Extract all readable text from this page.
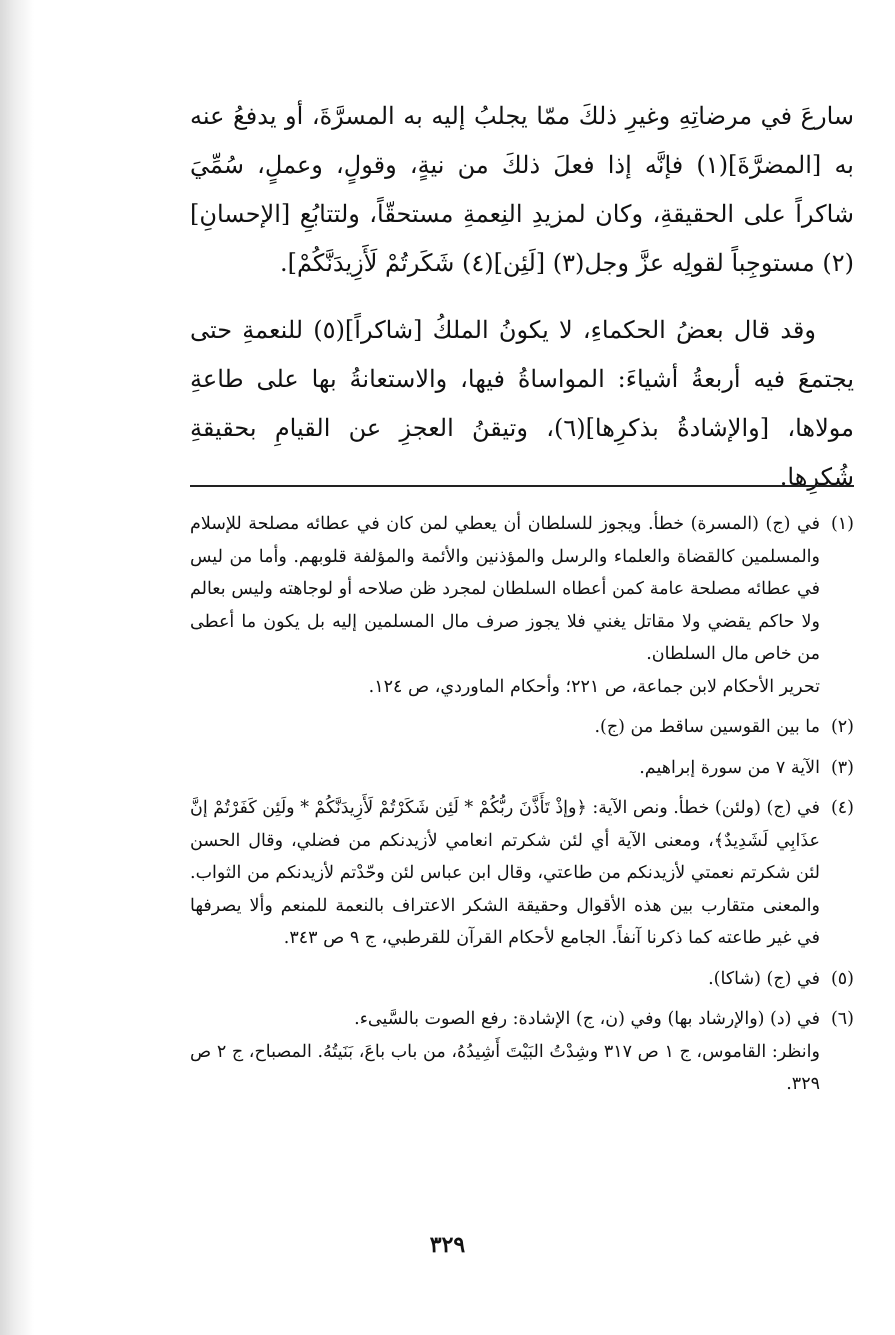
سارعَ في مرضاتِهِ وغيرِ ذلكَ ممّا يجلبُ إليه به المسرَّةَ، أو يدفعُ عنه به [المضرَّةَ](١) فإنَّه إذا فعلَ ذلكَ من نيةٍ، وقولٍ، وعملٍ، سُمِّيَ شاكراً على الحقيقةِ، وكان لمزيدِ النِعمةِ مستحقّاً، ولتتابُعِ [الإحسانِ](٢) مستوجِباً لقولِه عزَّ وجل(٣) [لَئِن](٤) شَكَرتُمْ لَأَزِيدَنَّكُمْ].

وقد قال بعضُ الحكماءِ، لا يكونُ الملكُ [شاكراً](٥) للنعمةِ حتى يجتمعَ فيه أربعةُ أشياءَ: المواساةُ فيها، والاستعانةُ بها على طاعةِ مولاها، [والإشادةُ بذكرِها](٦)، وتيقنُ العجزِ عن القيامِ بحقيقةِ شُكرِها.

(١)
في (ج) (المسرة) خطأ. ويجوز للسلطان أن يعطي لمن كان في عطائه مصلحة للإسلام والمسلمين كالقضاة والعلماء والرسل والمؤذنين والأئمة والمؤلفة قلوبهم. وأما من ليس في عطائه مصلحة عامة كمن أعطاه السلطان لمجرد ظن صلاحه أو لوجاهته وليس بعالم ولا حاكم يقضي ولا مقاتل يغني فلا يجوز صرف مال المسلمين إليه بل يكون ما أعطى من خاص مال السلطان.
تحرير الأحكام لابن جماعة، ص ٢٢١؛ وأحكام الماوردي، ص ١٢٤.
(٢)
ما بين القوسين ساقط من (ج).
(٣)
الآية ٧ من سورة إبراهيم.
(٤)
في (ج) (ولئن) خطأ. ونص الآية: ﴿وإذْ تَأَذَّنَ ربُّكُمْ * لَئِن شَكَرْتُمْ لَأَزِيدَنَّكُمْ * ولَئِن كَفَرْتُمْ إنَّ عذَابِي لَشَدِيدٌ﴾، ومعنى الآية أي لئن شكرتم انعامي لأزيدنكم من فضلي، وقال الحسن لئن شكرتم نعمتي لأزيدنكم من طاعتي، وقال ابن عباس لئن وحّدْتم لأزيدنكم من الثواب. والمعنى متقارب بين هذه الأقوال وحقيقة الشكر الاعتراف بالنعمة للمنعم وألا يصرفها في غير طاعته كما ذكرنا آنفاً. الجامع لأحكام القرآن للقرطبي، ج ٩ ص ٣٤٣.
(٥)
في (ج) (شاكا).
(٦)
في (د) (والإرشاد بها) وفي (ن، ج) الإشادة: رفع الصوت بالسَّيىء.
وانظر: القاموس، ج ١ ص ٣١٧ وشِدْتُ البَيْتَ أَشِيدُهُ، من باب باعَ، بَنَيتُهُ. المصباح، ج ٢ ص ٣٢٩.
٣٢٩
